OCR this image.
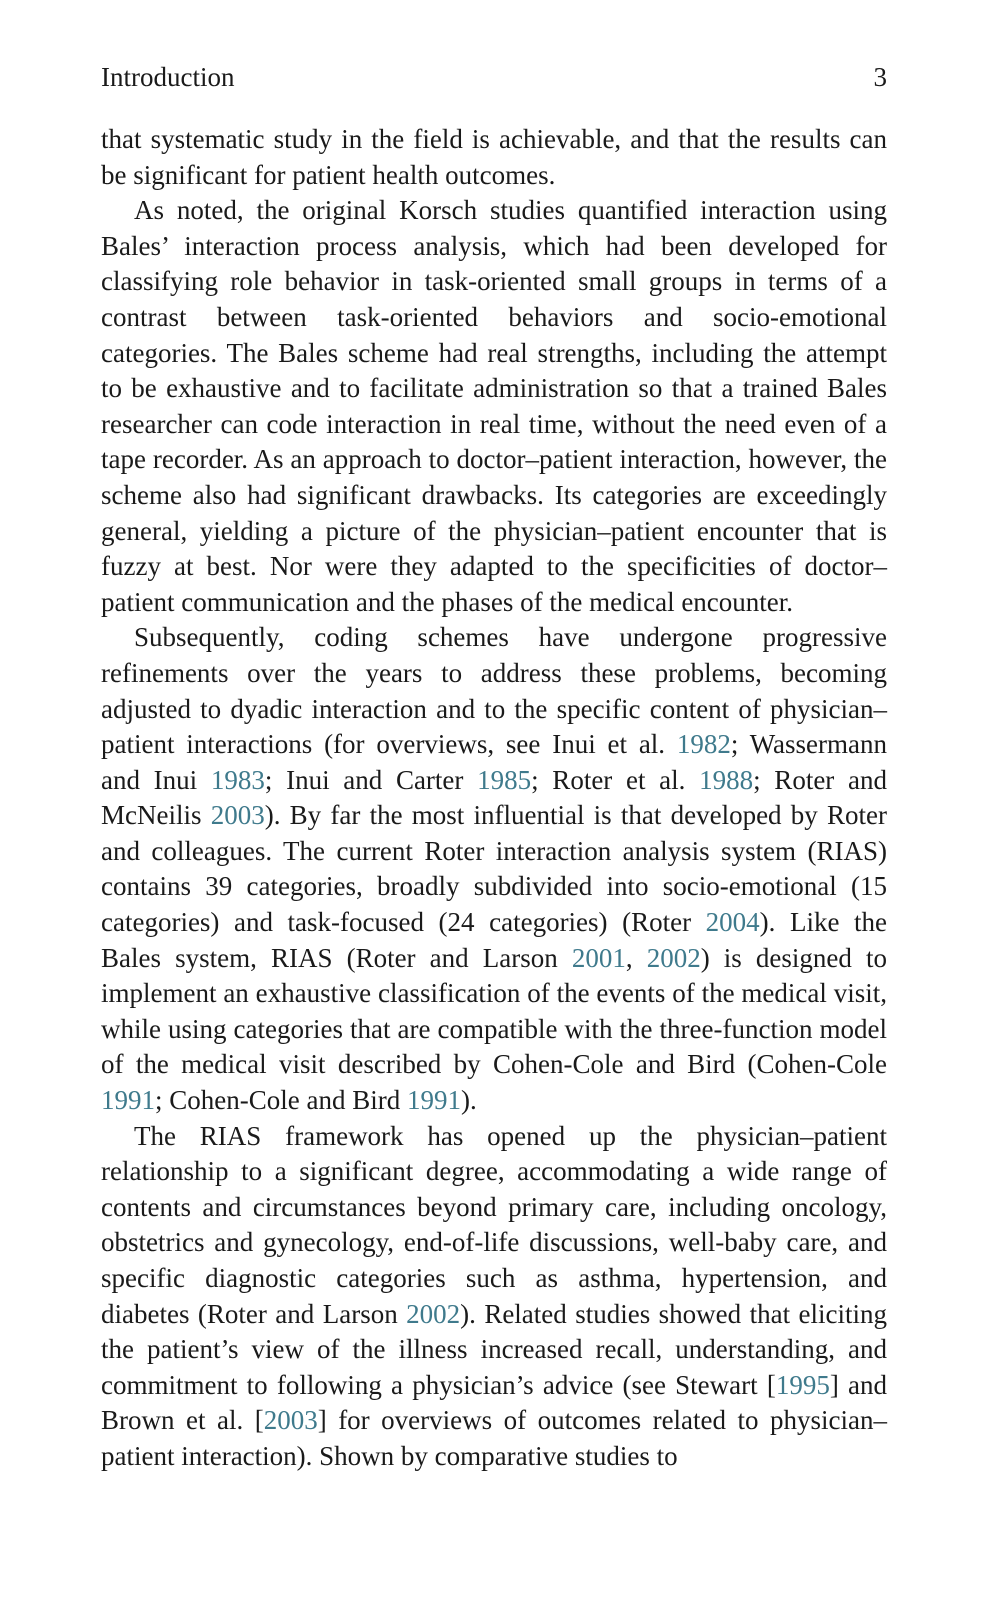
Introduction	3

that systematic study in the field is achievable, and that the results can be significant for patient health outcomes.

As noted, the original Korsch studies quantified interaction using Bales’ interaction process analysis, which had been developed for classifying role behavior in task-oriented small groups in terms of a contrast between task-oriented behaviors and socio-emotional categories. The Bales scheme had real strengths, including the attempt to be exhaustive and to facilitate administration so that a trained Bales researcher can code interaction in real time, without the need even of a tape recorder. As an approach to doctor–patient interaction, however, the scheme also had significant drawbacks. Its categories are exceedingly general, yielding a picture of the physician–patient encounter that is fuzzy at best. Nor were they adapted to the specificities of doctor–patient communication and the phases of the medical encounter.

Subsequently, coding schemes have undergone progressive refinements over the years to address these problems, becoming adjusted to dyadic interaction and to the specific content of physician–patient interactions (for overviews, see Inui et al. 1982; Wassermann and Inui 1983; Inui and Carter 1985; Roter et al. 1988; Roter and McNeilis 2003). By far the most influential is that developed by Roter and colleagues. The current Roter interaction analysis system (RIAS) contains 39 categories, broadly subdivided into socio-emotional (15 categories) and task-focused (24 categories) (Roter 2004). Like the Bales system, RIAS (Roter and Larson 2001, 2002) is designed to implement an exhaustive classification of the events of the medical visit, while using categories that are compatible with the three-function model of the medical visit described by Cohen-Cole and Bird (Cohen-Cole 1991; Cohen-Cole and Bird 1991).

The RIAS framework has opened up the physician–patient relationship to a significant degree, accommodating a wide range of contents and circumstances beyond primary care, including oncology, obstetrics and gynecology, end-of-life discussions, well-baby care, and specific diagnostic categories such as asthma, hypertension, and diabetes (Roter and Larson 2002). Related studies showed that eliciting the patient’s view of the illness increased recall, understanding, and commitment to following a physician’s advice (see Stewart [1995] and Brown et al. [2003] for overviews of outcomes related to physician–patient interaction). Shown by comparative studies to
